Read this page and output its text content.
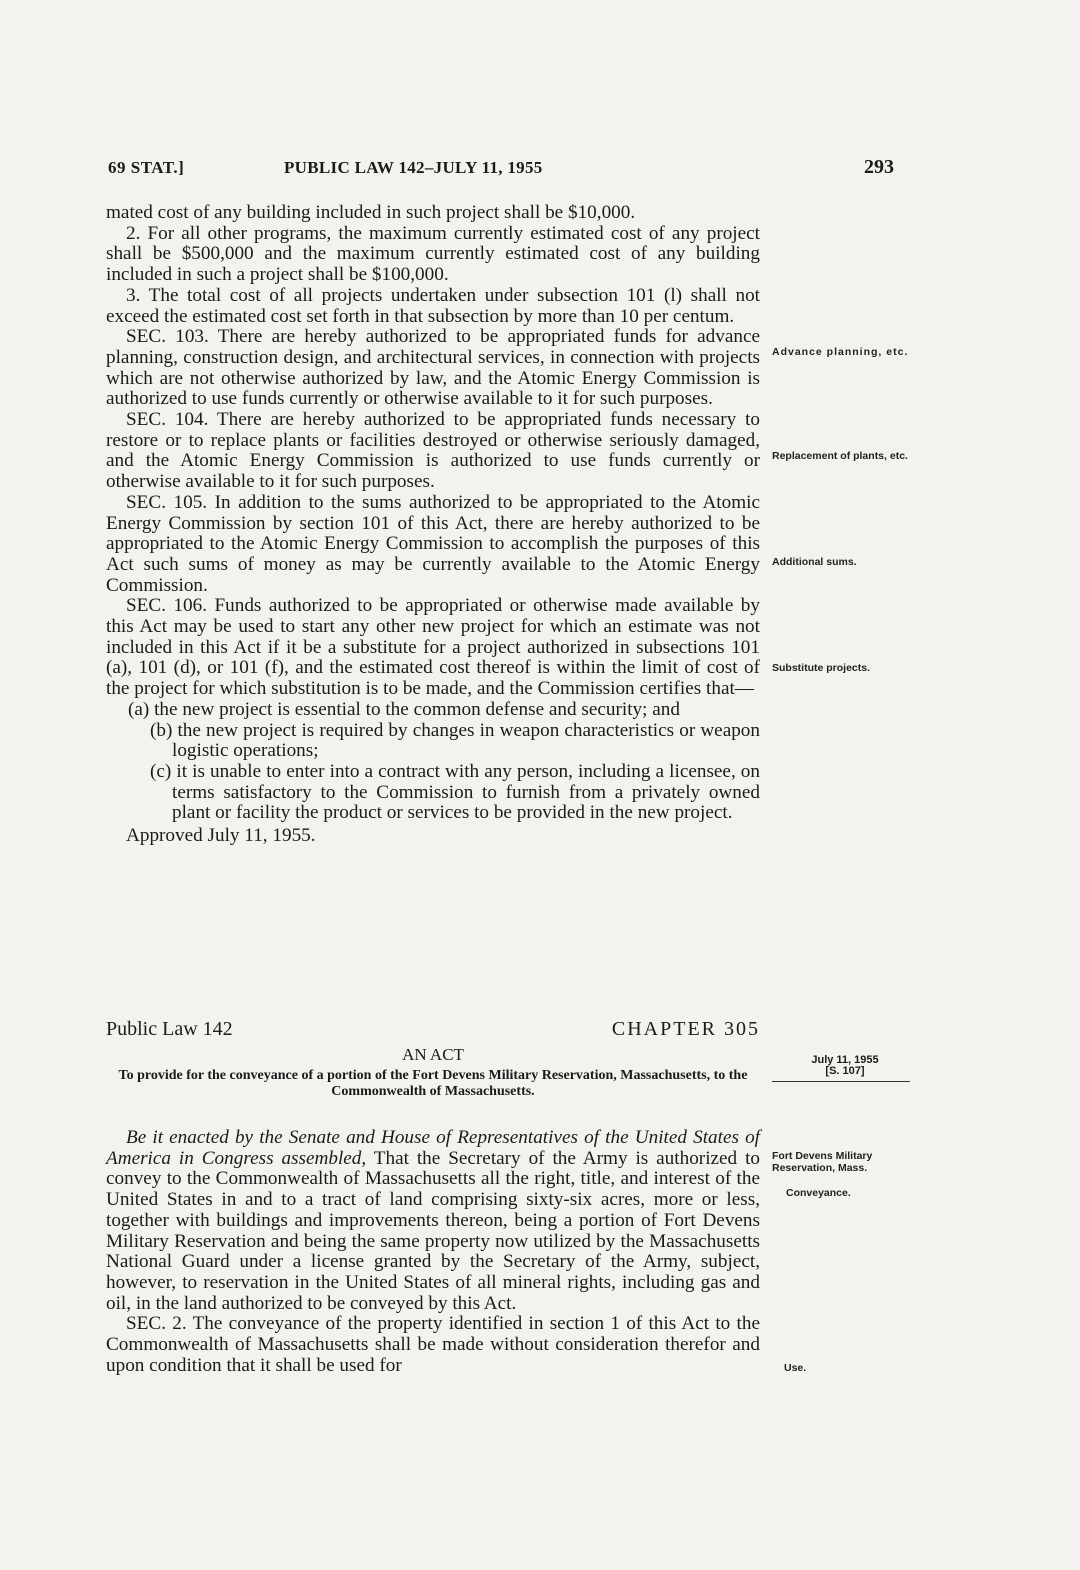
69 STAT.]	PUBLIC LAW 142–JULY 11, 1955	293

mated cost of any building included in such project shall be $10,000.

2. For all other programs, the maximum currently estimated cost of any project shall be $500,000 and the maximum currently estimated cost of any building included in such a project shall be $100,000.

3. The total cost of all projects undertaken under subsection 101 (l) shall not exceed the estimated cost set forth in that subsection by more than 10 per centum.

SEC. 103. There are hereby authorized to be appropriated funds for advance planning, construction design, and architectural services, in connection with projects which are not otherwise authorized by law, and the Atomic Energy Commission is authorized to use funds currently or otherwise available to it for such purposes.

SEC. 104. There are hereby authorized to be appropriated funds necessary to restore or to replace plants or facilities destroyed or otherwise seriously damaged, and the Atomic Energy Commission is authorized to use funds currently or otherwise available to it for such purposes.

SEC. 105. In addition to the sums authorized to be appropriated to the Atomic Energy Commission by section 101 of this Act, there are hereby authorized to be appropriated to the Atomic Energy Commission to accomplish the purposes of this Act such sums of money as may be currently available to the Atomic Energy Commission.

SEC. 106. Funds authorized to be appropriated or otherwise made available by this Act may be used to start any other new project for which an estimate was not included in this Act if it be a substitute for a project authorized in subsections 101 (a), 101 (d), or 101 (f), and the estimated cost thereof is within the limit of cost of the project for which substitution is to be made, and the Commission certifies that—

(a) the new project is essential to the common defense and security; and

(b) the new project is required by changes in weapon characteristics or weapon logistic operations;

(c) it is unable to enter into a contract with any person, including a licensee, on terms satisfactory to the Commission to furnish from a privately owned plant or facility the product or services to be provided in the new project.

Approved July 11, 1955.

Advance planning, etc.
Replacement of plants, etc.
Additional sums.
Substitute projects.
Public Law 142	CHAPTER 305
AN ACT
To provide for the conveyance of a portion of the Fort Devens Military Reservation, Massachusetts, to the Commonwealth of Massachusetts.
July 11, 1955
[S. 107]

Be it enacted by the Senate and House of Representatives of the United States of America in Congress assembled, That the Secretary of the Army is authorized to convey to the Commonwealth of Massachusetts all the right, title, and interest of the United States in and to a tract of land comprising sixty-six acres, more or less, together with buildings and improvements thereon, being a portion of Fort Devens Military Reservation and being the same property now utilized by the Massachusetts National Guard under a license granted by the Secretary of the Army, subject, however, to reservation in the United States of all mineral rights, including gas and oil, in the land authorized to be conveyed by this Act.

SEC. 2. The conveyance of the property identified in section 1 of this Act to the Commonwealth of Massachusetts shall be made without consideration therefor and upon condition that it shall be used for

Fort Devens Military Reservation, Mass.
Conveyance.
Use.
